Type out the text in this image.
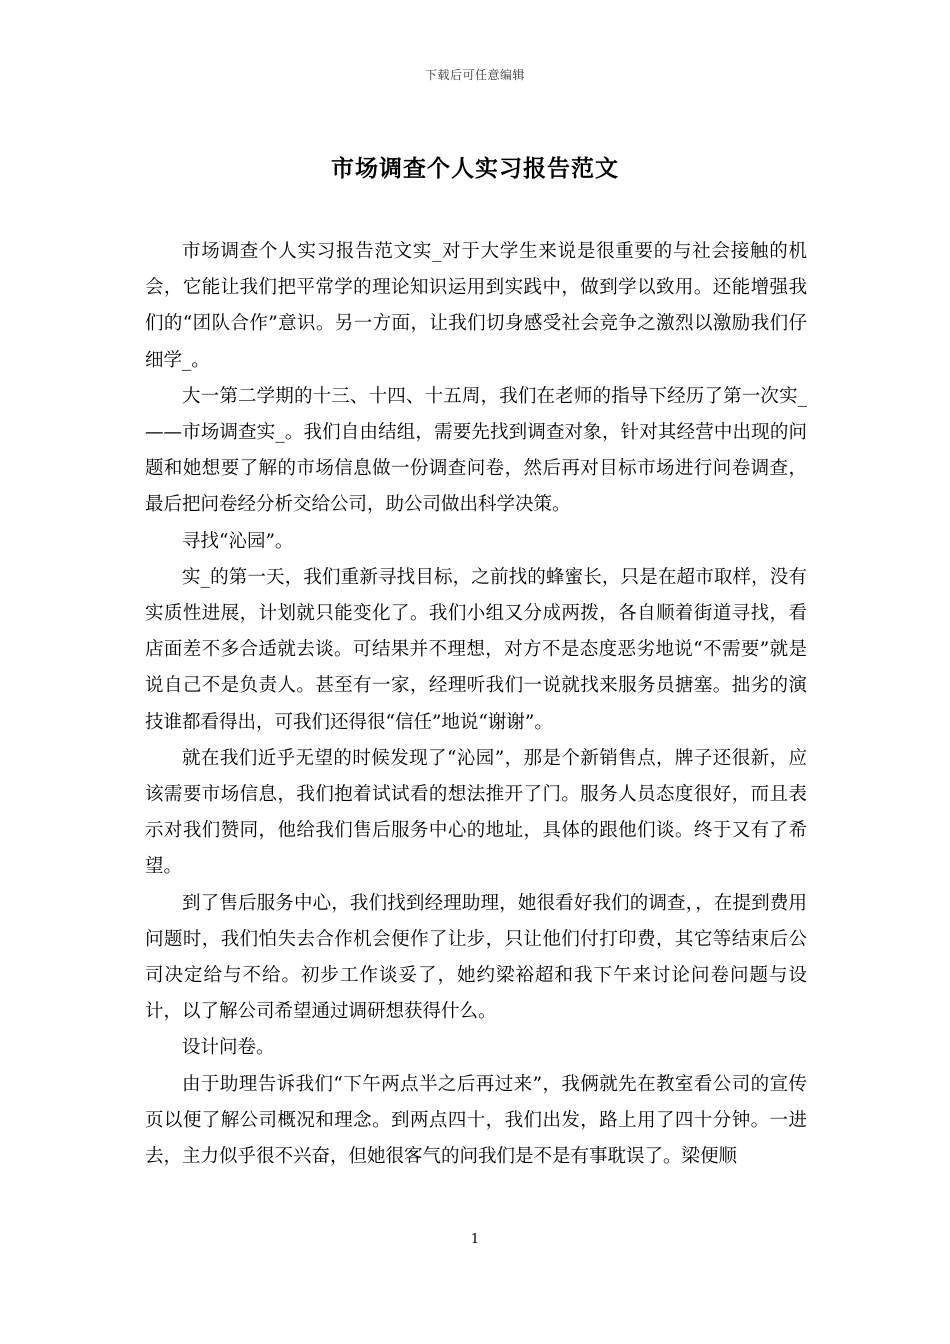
下载后可任意编辑
市场调查个人实习报告范文

市场调查个人实习报告范文实_对于大学生来说是很重要的与社会接触的机会，它能让我们把平常学的理论知识运用到实践中，做到学以致用。还能增强我们的“团队合作”意识。另一方面，让我们切身感受社会竞争之激烈以激励我们仔细学_。

大一第二学期的十三、十四、十五周，我们在老师的指导下经历了第一次实_——市场调查实_。我们自由结组，需要先找到调查对象，针对其经营中出现的问题和她想要了解的市场信息做一份调查问卷，然后再对目标市场进行问卷调查，最后把问卷经分析交给公司，助公司做出科学决策。

寻找“沁园”。

实_的第一天，我们重新寻找目标，之前找的蜂蜜长，只是在超市取样，没有实质性进展，计划就只能变化了。我们小组又分成两拨，各自顺着街道寻找，看店面差不多合适就去谈。可结果并不理想，对方不是态度恶劣地说“不需要”就是说自己不是负责人。甚至有一家，经理听我们一说就找来服务员搪塞。拙劣的演技谁都看得出，可我们还得很“信任”地说“谢谢”。

就在我们近乎无望的时候发现了“沁园”，那是个新销售点，牌子还很新，应该需要市场信息，我们抱着试试看的想法推开了门。服务人员态度很好，而且表示对我们赞同，他给我们售后服务中心的地址，具体的跟他们谈。终于又有了希望。

到了售后服务中心，我们找到经理助理，她很看好我们的调查，，在提到费用问题时，我们怕失去合作机会便作了让步，只让他们付打印费，其它等结束后公司决定给与不给。初步工作谈妥了，她约梁裕超和我下午来讨论问卷问题与设计，以了解公司希望通过调研想获得什么。

设计问卷。

由于助理告诉我们“下午两点半之后再过来”，我俩就先在教室看公司的宣传页以便了解公司概况和理念。到两点四十，我们出发，路上用了四十分钟。一进去，主力似乎很不兴奋，但她很客气的问我们是不是有事耽误了。梁便顺

1
